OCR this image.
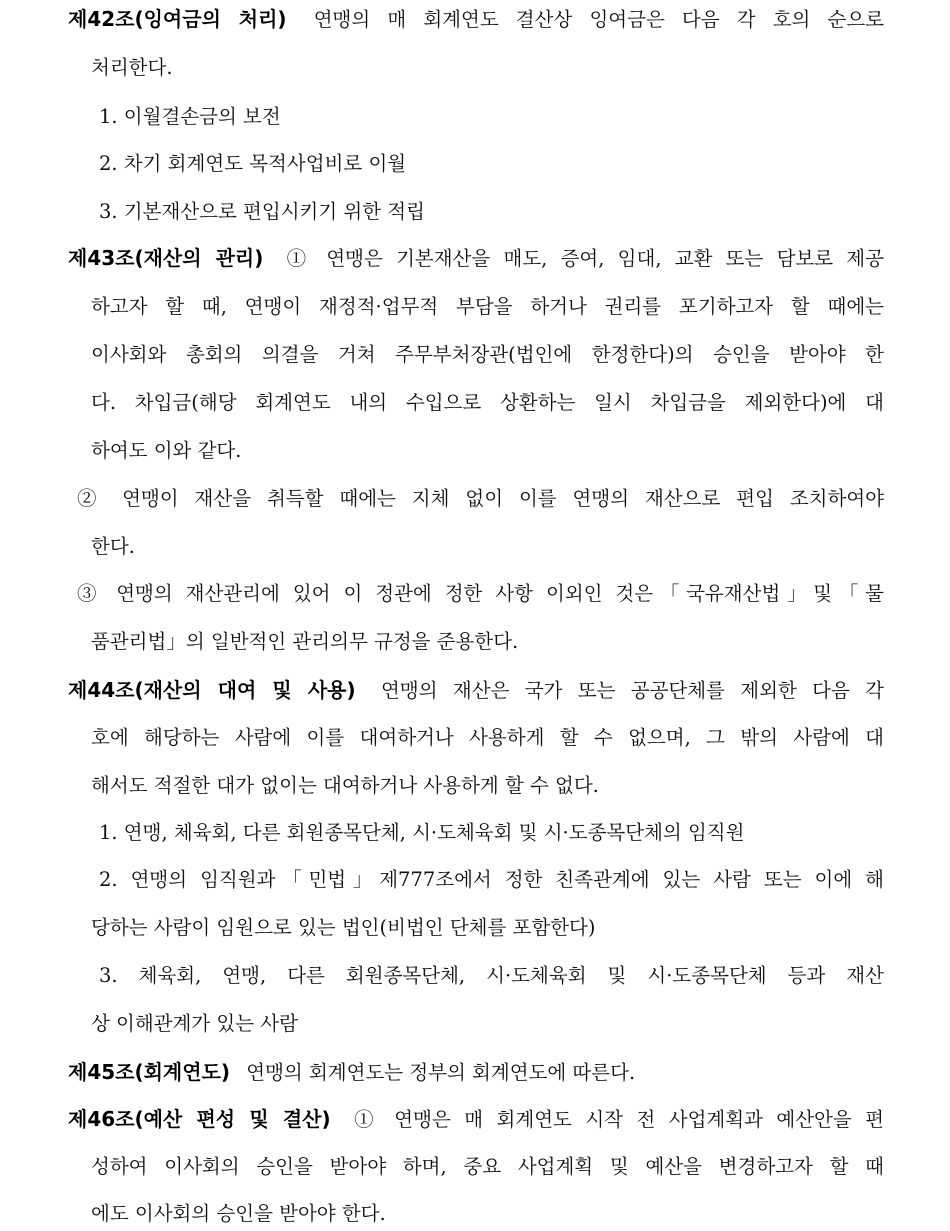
제42조(잉여금의 처리) 연맹의 매 회계연도 결산상 잉여금은 다음 각 호의 순으로
처리한다.
1. 이월결손금의 보전
2. 차기 회계연도 목적사업비로 이월
3. 기본재산으로 편입시키기 위한 적립
제43조(재산의 관리) ① 연맹은 기본재산을 매도, 증여, 임대, 교환 또는 담보로 제공
하고자 할 때, 연맹이 재정적·업무적 부담을 하거나 권리를 포기하고자 할 때에는
이사회와 총회의 의결을 거쳐 주무부처장관(법인에 한정한다)의 승인을 받아야 한
다. 차입금(해당 회계연도 내의 수입으로 상환하는 일시 차입금을 제외한다)에 대
하여도 이와 같다.
② 연맹이 재산을 취득할 때에는 지체 없이 이를 연맹의 재산으로 편입 조치하여야
한다.
③ 연맹의 재산관리에 있어 이 정관에 정한 사항 이외인 것은「국유재산법」및「물
품관리법」의 일반적인 관리의무 규정을 준용한다.
제44조(재산의 대여 및 사용) 연맹의 재산은 국가 또는 공공단체를 제외한 다음 각
호에 해당하는 사람에 이를 대여하거나 사용하게 할 수 없으며, 그 밖의 사람에 대
해서도 적절한 대가 없이는 대여하거나 사용하게 할 수 없다.
1. 연맹, 체육회, 다른 회원종목단체, 시·도체육회 및 시·도종목단체의 임직원
2. 연맹의 임직원과「민법」제777조에서 정한 친족관계에 있는 사람 또는 이에 해
당하는 사람이 임원으로 있는 법인(비법인 단체를 포함한다)
3. 체육회, 연맹, 다른 회원종목단체, 시·도체육회 및 시·도종목단체 등과 재산
상 이해관계가 있는 사람
제45조(회계연도) 연맹의 회계연도는 정부의 회계연도에 따른다.
제46조(예산 편성 및 결산) ① 연맹은 매 회계연도 시작 전 사업계획과 예산안을 편
성하여 이사회의 승인을 받아야 하며, 중요 사업계획 및 예산을 변경하고자 할 때
에도 이사회의 승인을 받아야 한다.
